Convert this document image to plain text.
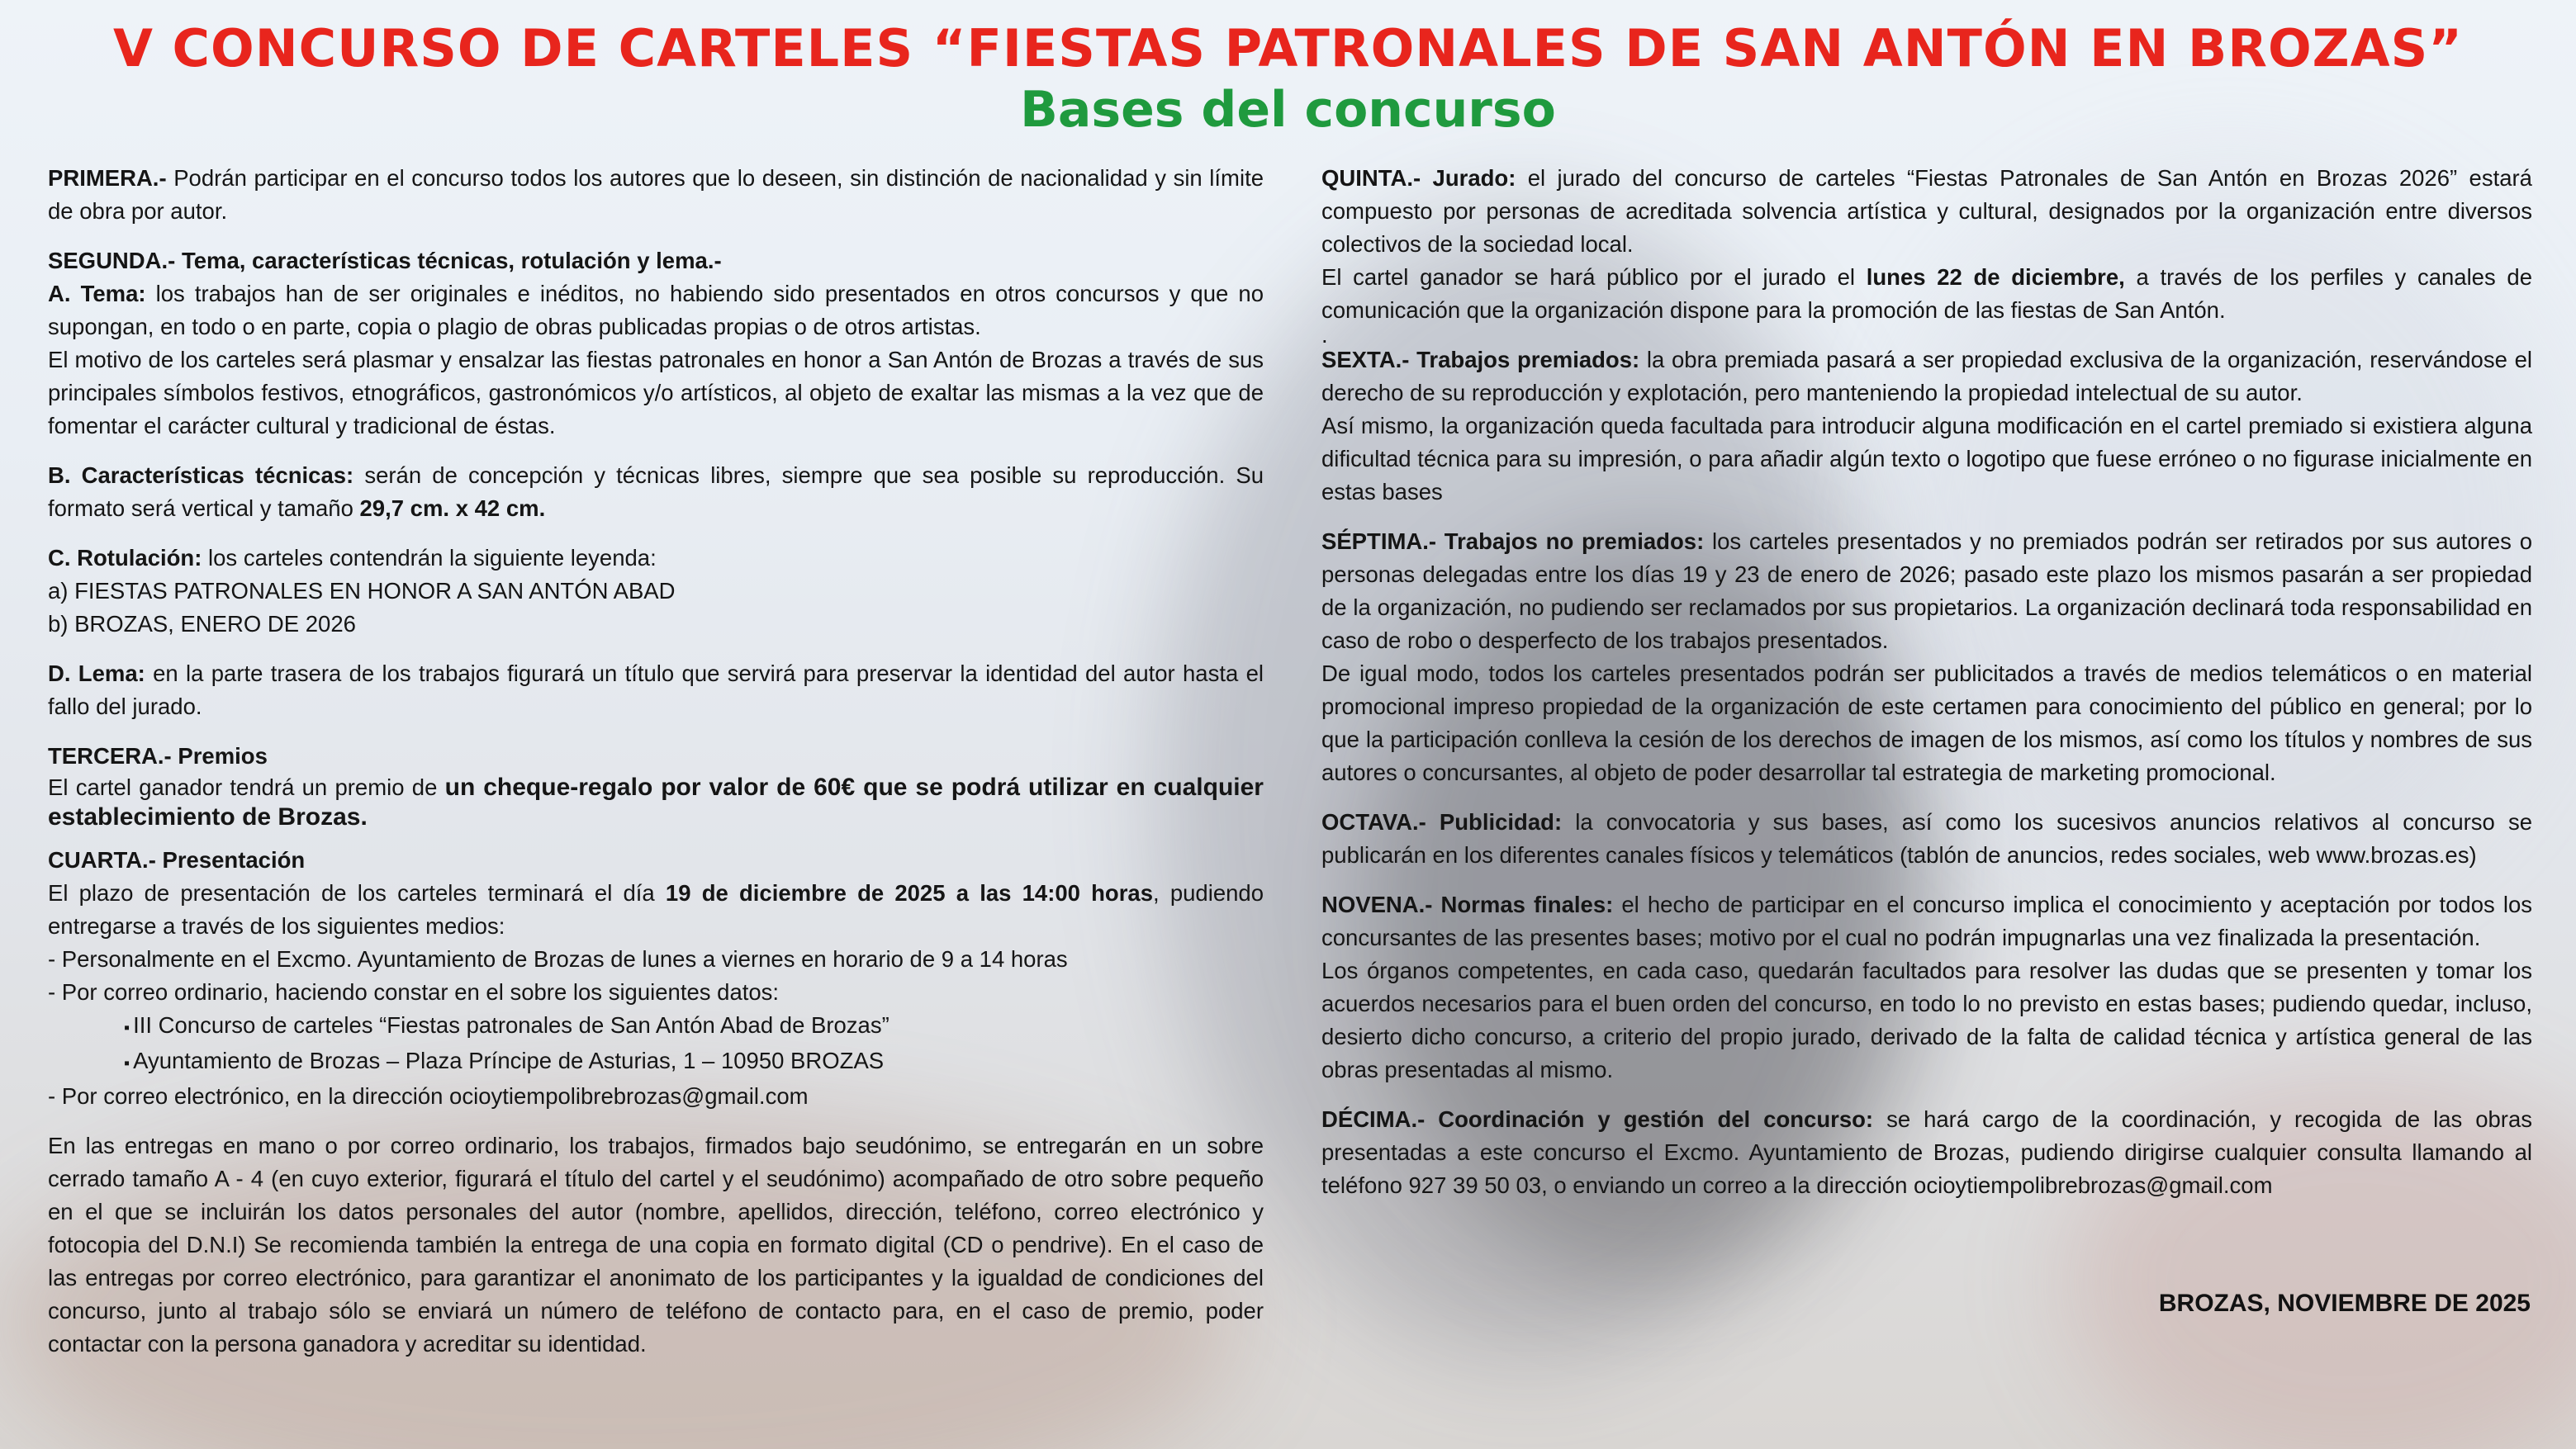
V CONCURSO DE CARTELES “FIESTAS PATRONALES DE SAN ANTÓN EN BROZAS”
Bases del concurso

PRIMERA.- Podrán participar en el concurso todos los autores que lo deseen, sin distinción de nacionalidad y sin límite de obra por autor.

SEGUNDA.- Tema, características técnicas, rotulación y lema.-

A. Tema: los trabajos han de ser originales e inéditos, no habiendo sido presentados en otros concursos y que no supongan, en todo o en parte, copia o plagio de obras publicadas propias o de otros artistas.

El motivo de los carteles será plasmar y ensalzar las fiestas patronales en honor a San Antón de Brozas a través de sus principales símbolos festivos, etnográficos, gastronómicos y/o artísticos, al objeto de exaltar las mismas a la vez que de fomentar el carácter cultural y tradicional de éstas.

B. Características técnicas: serán de concepción y técnicas libres, siempre que sea posible su reproducción. Su formato será vertical y tamaño 29,7 cm. x 42 cm.

C. Rotulación: los carteles contendrán la siguiente leyenda:

a) FIESTAS PATRONALES EN HONOR A SAN ANTÓN ABAD

b) BROZAS, ENERO DE 2026

D. Lema: en la parte trasera de los trabajos figurará un título que servirá para preservar la identidad del autor hasta el fallo del jurado.

TERCERA.- Premios

El cartel ganador tendrá un premio de un cheque-regalo por valor de 60€ que se podrá utilizar en cualquier establecimiento de Brozas.

CUARTA.- Presentación

El plazo de presentación de los carteles terminará el día 19 de diciembre de 2025 a las 14:00 horas, pudiendo entregarse a través de los siguientes medios:

- Personalmente en el Excmo. Ayuntamiento de Brozas de lunes a viernes en horario de 9 a 14 horas

- Por correo ordinario, haciendo constar en el sobre los siguientes datos:

▪ III Concurso de carteles “Fiestas patronales de San Antón Abad de Brozas”

▪ Ayuntamiento de Brozas – Plaza Príncipe de Asturias, 1 – 10950 BROZAS

- Por correo electrónico, en la dirección ocioytiempolibrebrozas@gmail.com

En las entregas en mano o por correo ordinario, los trabajos, firmados bajo seudónimo, se entregarán en un sobre cerrado tamaño A - 4 (en cuyo exterior, figurará el título del cartel y el seudónimo) acompañado de otro sobre pequeño en el que se incluirán los datos personales del autor (nombre, apellidos, dirección, teléfono, correo electrónico y fotocopia del D.N.I) Se recomienda también la entrega de una copia en formato digital (CD o pendrive). En el caso de las entregas por correo electrónico, para garantizar el anonimato de los participantes y la igualdad de condiciones del concurso, junto al trabajo sólo se enviará un número de teléfono de contacto para, en el caso de premio, poder contactar con la persona ganadora y acreditar su identidad.

QUINTA.- Jurado: el jurado del concurso de carteles “Fiestas Patronales de San Antón en Brozas 2026” estará compuesto por personas de acreditada solvencia artística y cultural, designados por la organización entre diversos colectivos de la sociedad local.

El cartel ganador se hará público por el jurado el lunes 22 de diciembre, a través de los perfiles y canales de comunicación que la organización dispone para la promoción de las fiestas de San Antón.

.

SEXTA.- Trabajos premiados: la obra premiada pasará a ser propiedad exclusiva de la organización, reservándose el derecho de su reproducción y explotación, pero manteniendo la propiedad intelectual de su autor.

Así mismo, la organización queda facultada para introducir alguna modificación en el cartel premiado si existiera alguna dificultad técnica para su impresión, o para añadir algún texto o logotipo que fuese erróneo o no figurase inicialmente en estas bases

SÉPTIMA.- Trabajos no premiados: los carteles presentados y no premiados podrán ser retirados por sus autores o personas delegadas entre los días 19 y 23 de enero de 2026; pasado este plazo los mismos pasarán a ser propiedad de la organización, no pudiendo ser reclamados por sus propietarios. La organización declinará toda responsabilidad en caso de robo o desperfecto de los trabajos presentados.

De igual modo, todos los carteles presentados podrán ser publicitados a través de medios telemáticos o en material promocional impreso propiedad de la organización de este certamen para conocimiento del público en general; por lo que la participación conlleva la cesión de los derechos de imagen de los mismos, así como los títulos y nombres de sus autores o concursantes, al objeto de poder desarrollar tal estrategia de marketing promocional.

OCTAVA.- Publicidad: la convocatoria y sus bases, así como los sucesivos anuncios relativos al concurso se publicarán en los diferentes canales físicos y telemáticos (tablón de anuncios, redes sociales, web www.brozas.es)

NOVENA.- Normas finales: el hecho de participar en el concurso implica el conocimiento y aceptación por todos los concursantes de las presentes bases; motivo por el cual no podrán impugnarlas una vez finalizada la presentación.

Los órganos competentes, en cada caso, quedarán facultados para resolver las dudas que se presenten y tomar los acuerdos necesarios para el buen orden del concurso, en todo lo no previsto en estas bases; pudiendo quedar, incluso, desierto dicho concurso, a criterio del propio jurado, derivado de la falta de calidad técnica y artística general de las obras presentadas al mismo.

DÉCIMA.- Coordinación y gestión del concurso: se hará cargo de la coordinación, y recogida de las obras presentadas a este concurso el Excmo. Ayuntamiento de Brozas, pudiendo dirigirse cualquier consulta llamando al teléfono 927 39 50 03, o enviando un correo a la dirección ocioytiempolibrebrozas@gmail.com

BROZAS, NOVIEMBRE DE 2025
